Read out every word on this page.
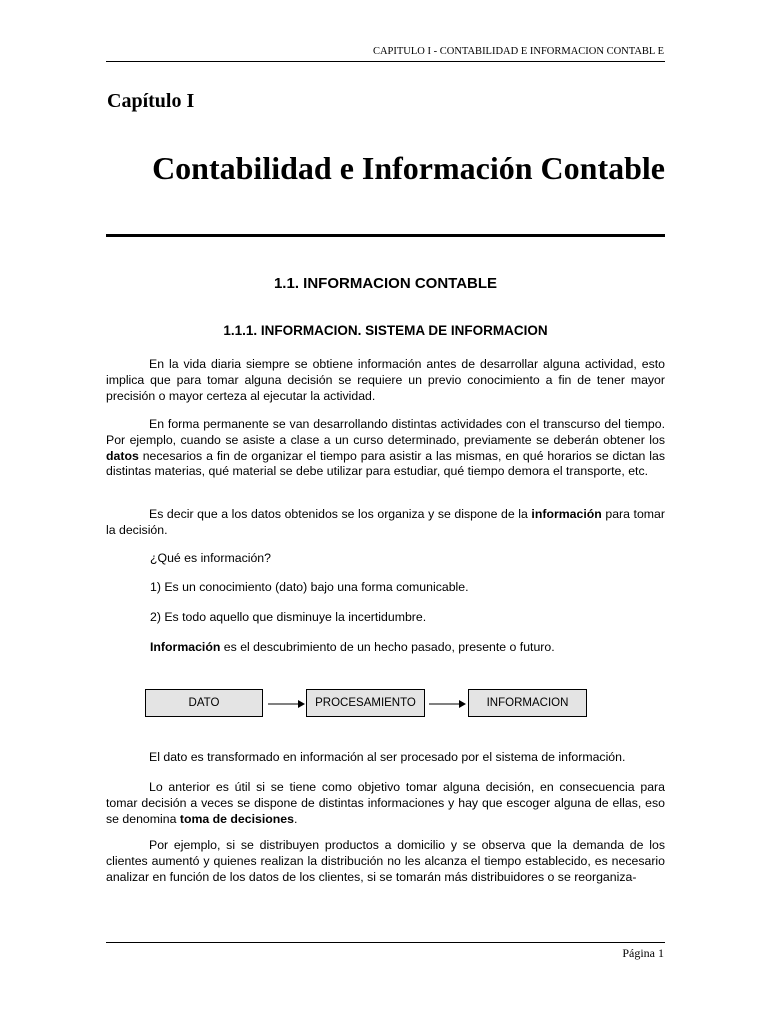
CAPITULO I - CONTABILIDAD E INFORMACION CONTABL E
Capítulo I
Contabilidad e Información Contable
1.1. INFORMACION CONTABLE
1.1.1. INFORMACION. SISTEMA DE INFORMACION

En la vida diaria siempre se obtiene información antes de desarrollar alguna actividad, esto implica que para tomar alguna decisión se requiere un previo conocimiento a fin de tener mayor precisión o mayor certeza al ejecutar la actividad.

En forma permanente se van desarrollando distintas actividades con el transcurso del tiempo. Por ejemplo, cuando se asiste a clase a un curso determinado, previamente se deberán obtener los datos necesarios a fin de organizar el tiempo para asistir a las mismas, en qué horarios se dictan las distintas materias, qué material se debe utilizar para estudiar, qué tiempo demora el transporte, etc.

Es decir que a los datos obtenidos se los organiza y se dispone de la información para tomar la decisión.

¿Qué es información?
1) Es un conocimiento (dato) bajo una forma comunicable.
2) Es todo aquello que disminuye la incertidumbre.
Información es el descubrimiento de un hecho pasado, presente o futuro.
DATO	PROCESAMIENTO	INFORMACION

El dato es transformado en información al ser procesado por el sistema de información.

Lo anterior es útil si se tiene como objetivo tomar alguna decisión, en consecuencia para tomar decisión a veces se dispone de distintas informaciones y hay que escoger alguna de ellas, eso se denomina toma de decisiones.

Por ejemplo, si se distribuyen productos a domicilio y se observa que la demanda de los clientes aumentó y quienes realizan la distribución no les alcanza el tiempo establecido, es necesario analizar en función de los datos de los clientes, si se tomarán más distribuidores o se reorganiza-

Página 1
